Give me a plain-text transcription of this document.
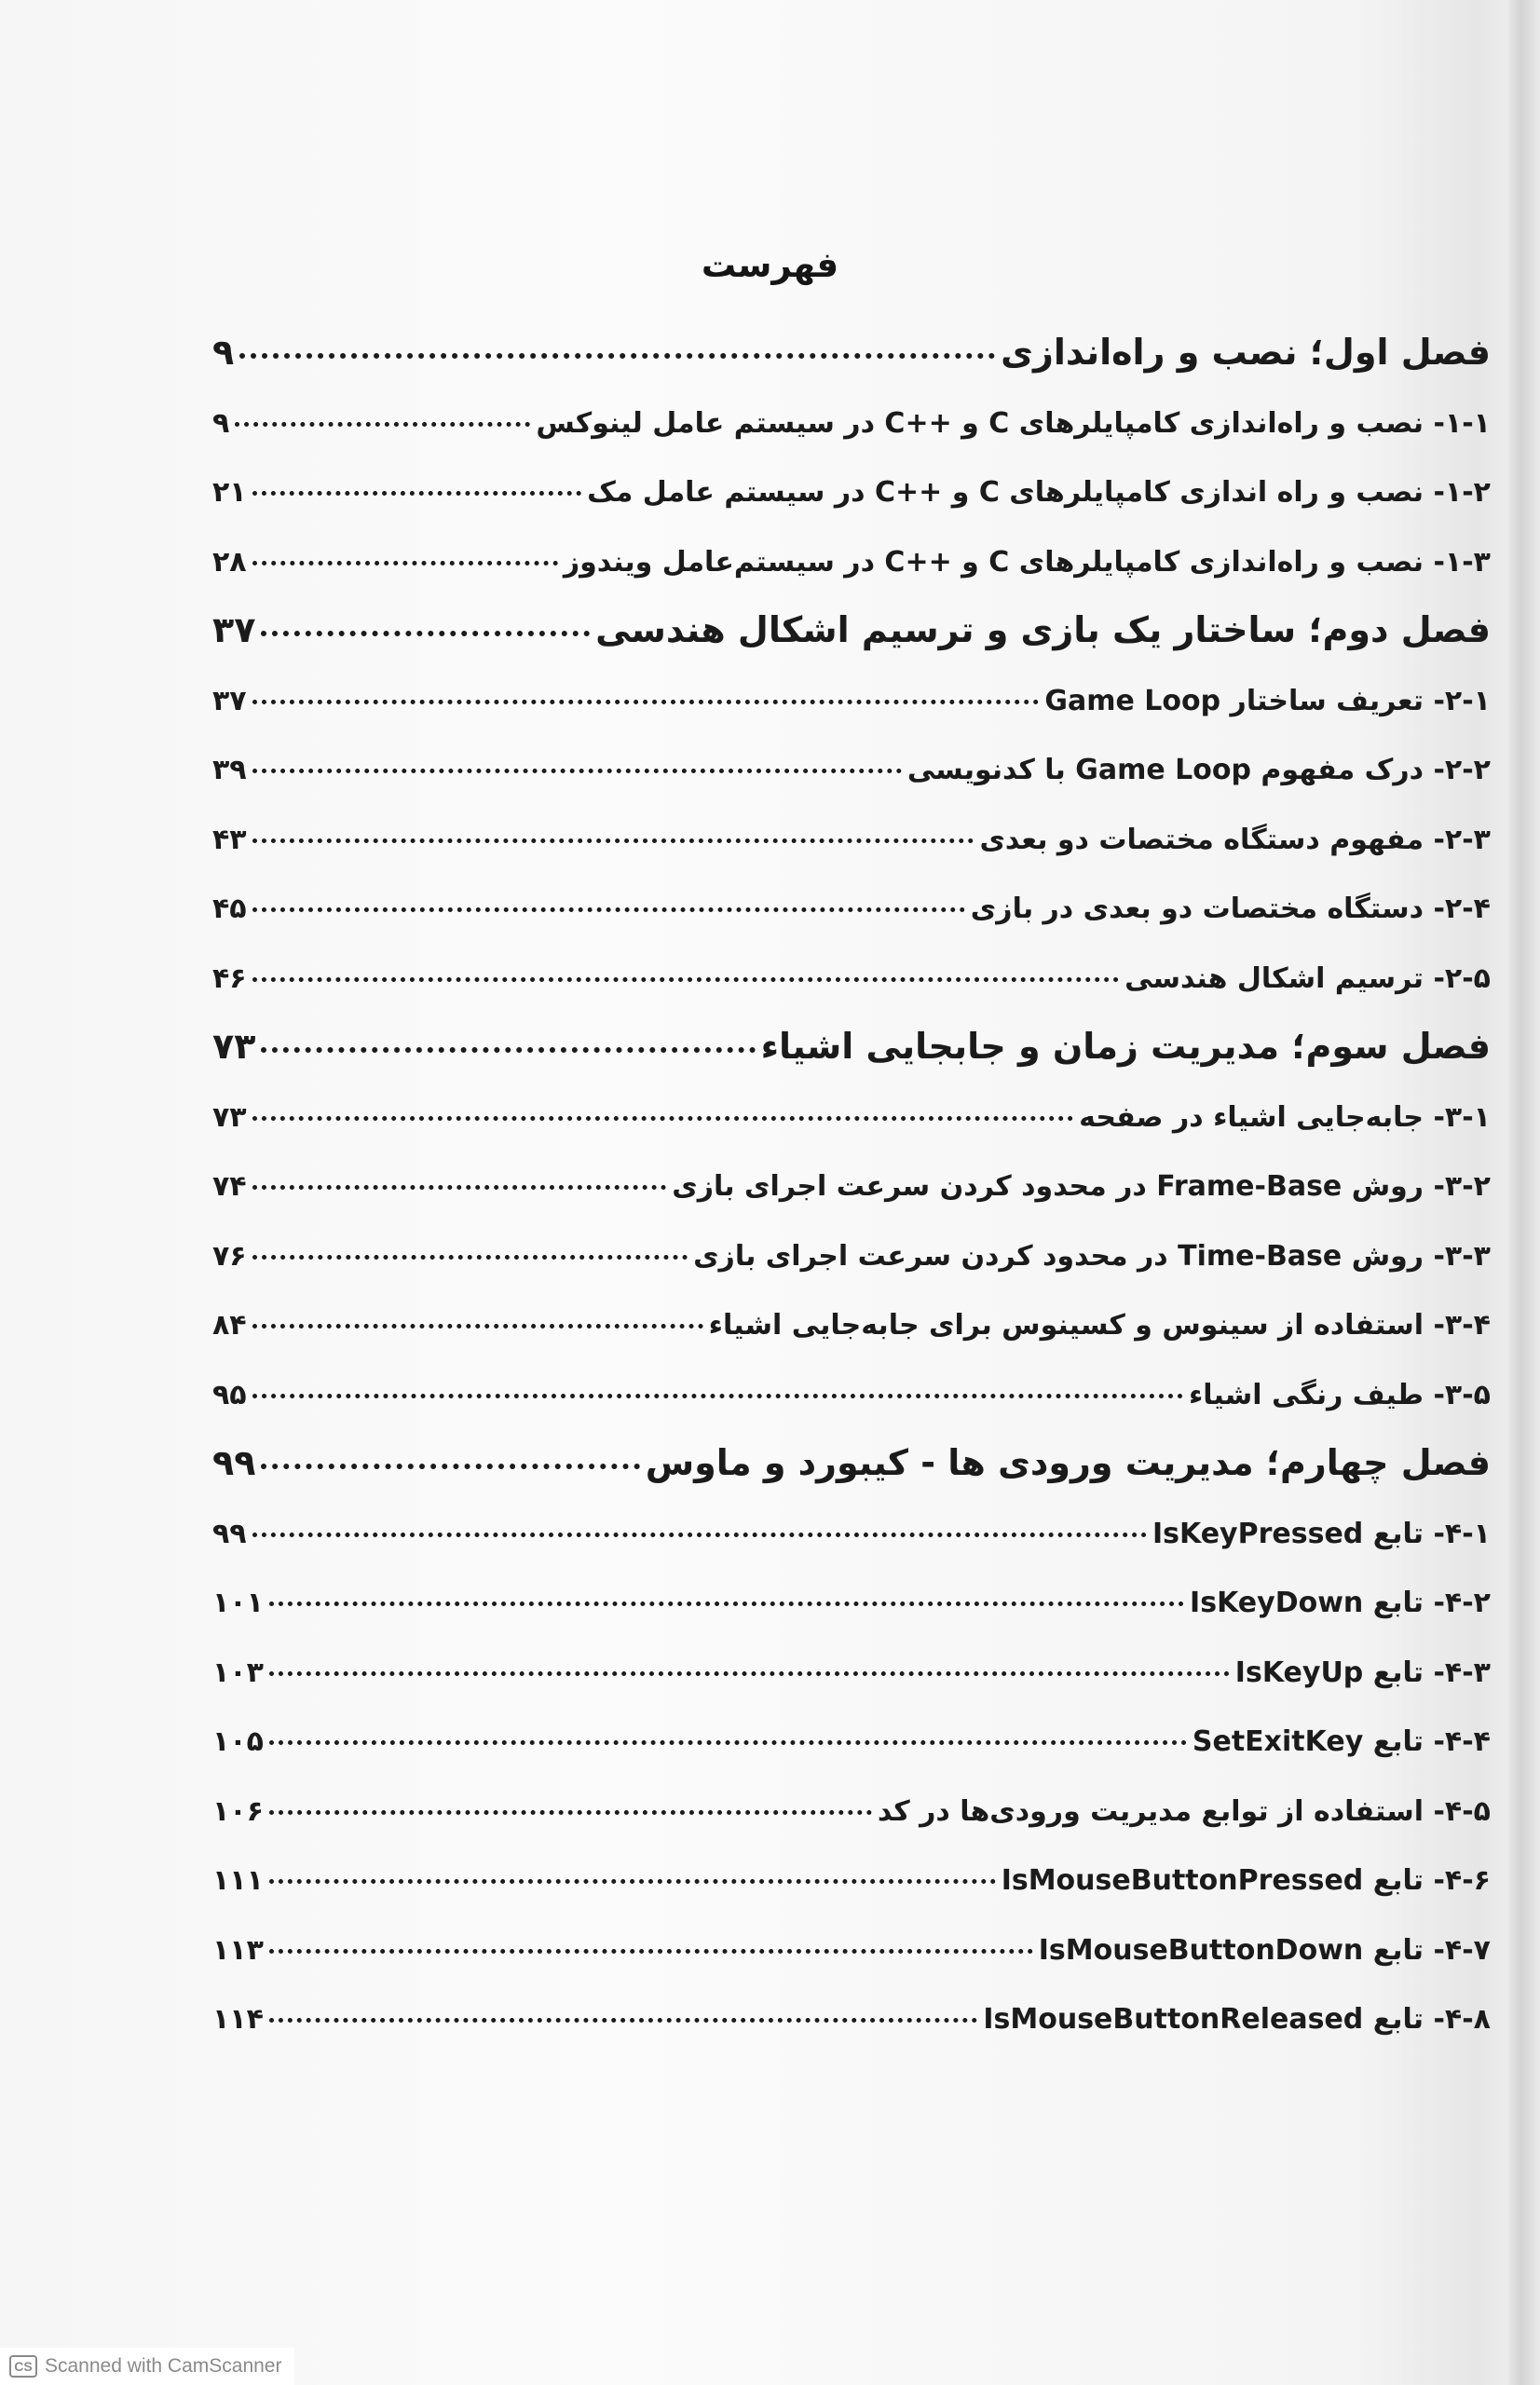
فهرست
فصل اول؛ نصب و راه‌اندازی
۹
۱-۱- نصب و راه‌اندازی کامپایلرهای C و ++C در سیستم عامل لینوکس
۹
۱-۲- نصب و راه اندازی کامپایلرهای C و ++C در سیستم عامل مک
۲۱
۱-۳- نصب و راه‌اندازی کامپایلرهای C و ++C در سیستم‌عامل ویندوز
۲۸
فصل دوم؛ ساختار یک بازی و ترسیم اشکال هندسی
۳۷
۲-۱- تعریف ساختار Game Loop
۳۷
۲-۲- درک مفهوم Game Loop با کدنویسی
۳۹
۲-۳- مفهوم دستگاه مختصات دو بعدی
۴۳
۲-۴- دستگاه مختصات دو بعدی در بازی
۴۵
۲-۵- ترسیم اشکال هندسی
۴۶
فصل سوم؛ مدیریت زمان و جابجایی اشیاء
۷۳
۳-۱- جابه‌جایی اشیاء در صفحه
۷۳
۳-۲- روش Frame-Base در محدود کردن سرعت اجرای بازی
۷۴
۳-۳- روش Time-Base در محدود کردن سرعت اجرای بازی
۷۶
۳-۴- استفاده از سینوس و کسینوس برای جابه‌جایی اشیاء
۸۴
۳-۵- طیف رنگی اشیاء
۹۵
فصل چهارم؛ مدیریت ورودی ها - کیبورد و ماوس
۹۹
۴-۱- تابع IsKeyPressed
۹۹
۴-۲- تابع IsKeyDown
۱۰۱
۴-۳- تابع IsKeyUp
۱۰۳
۴-۴- تابع SetExitKey
۱۰۵
۴-۵- استفاده از توابع مدیریت ورودی‌ها در کد
۱۰۶
۴-۶- تابع IsMouseButtonPressed
۱۱۱
۴-۷- تابع IsMouseButtonDown
۱۱۳
۴-۸- تابع IsMouseButtonReleased
۱۱۴
CS Scanned with CamScanner
